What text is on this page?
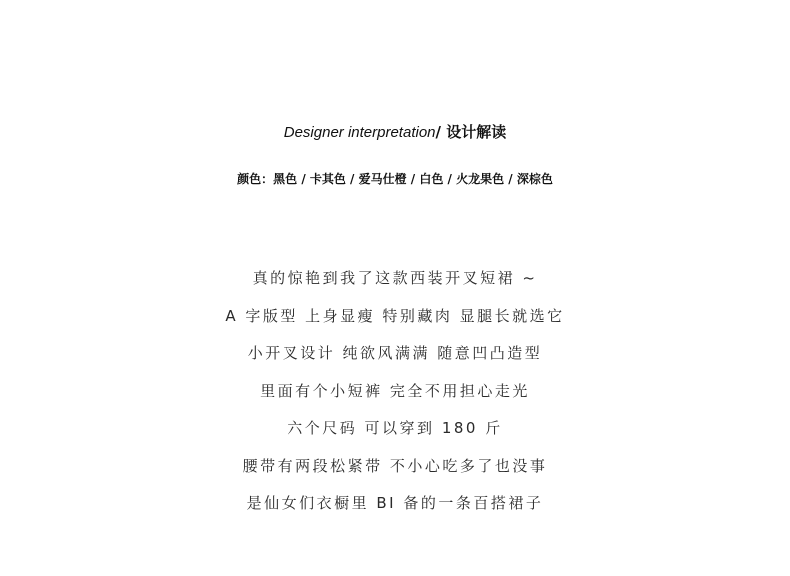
Designer interpretation/ 设计解读
颜色：黑色 / 卡其色 / 爱马仕橙 / 白色 / 火龙果色 / 深棕色
真的惊艳到我了这款西装开叉短裙 ~
A 字版型 上身显瘦 特别藏肉 显腿长就选它
小开叉设计 纯欲风满满 随意凹凸造型
里面有个小短裤 完全不用担心走光
六个尺码 可以穿到 180 斤
腰带有两段松紧带 不小心吃多了也没事
是仙女们衣橱里 BI 备的一条百搭裙子
